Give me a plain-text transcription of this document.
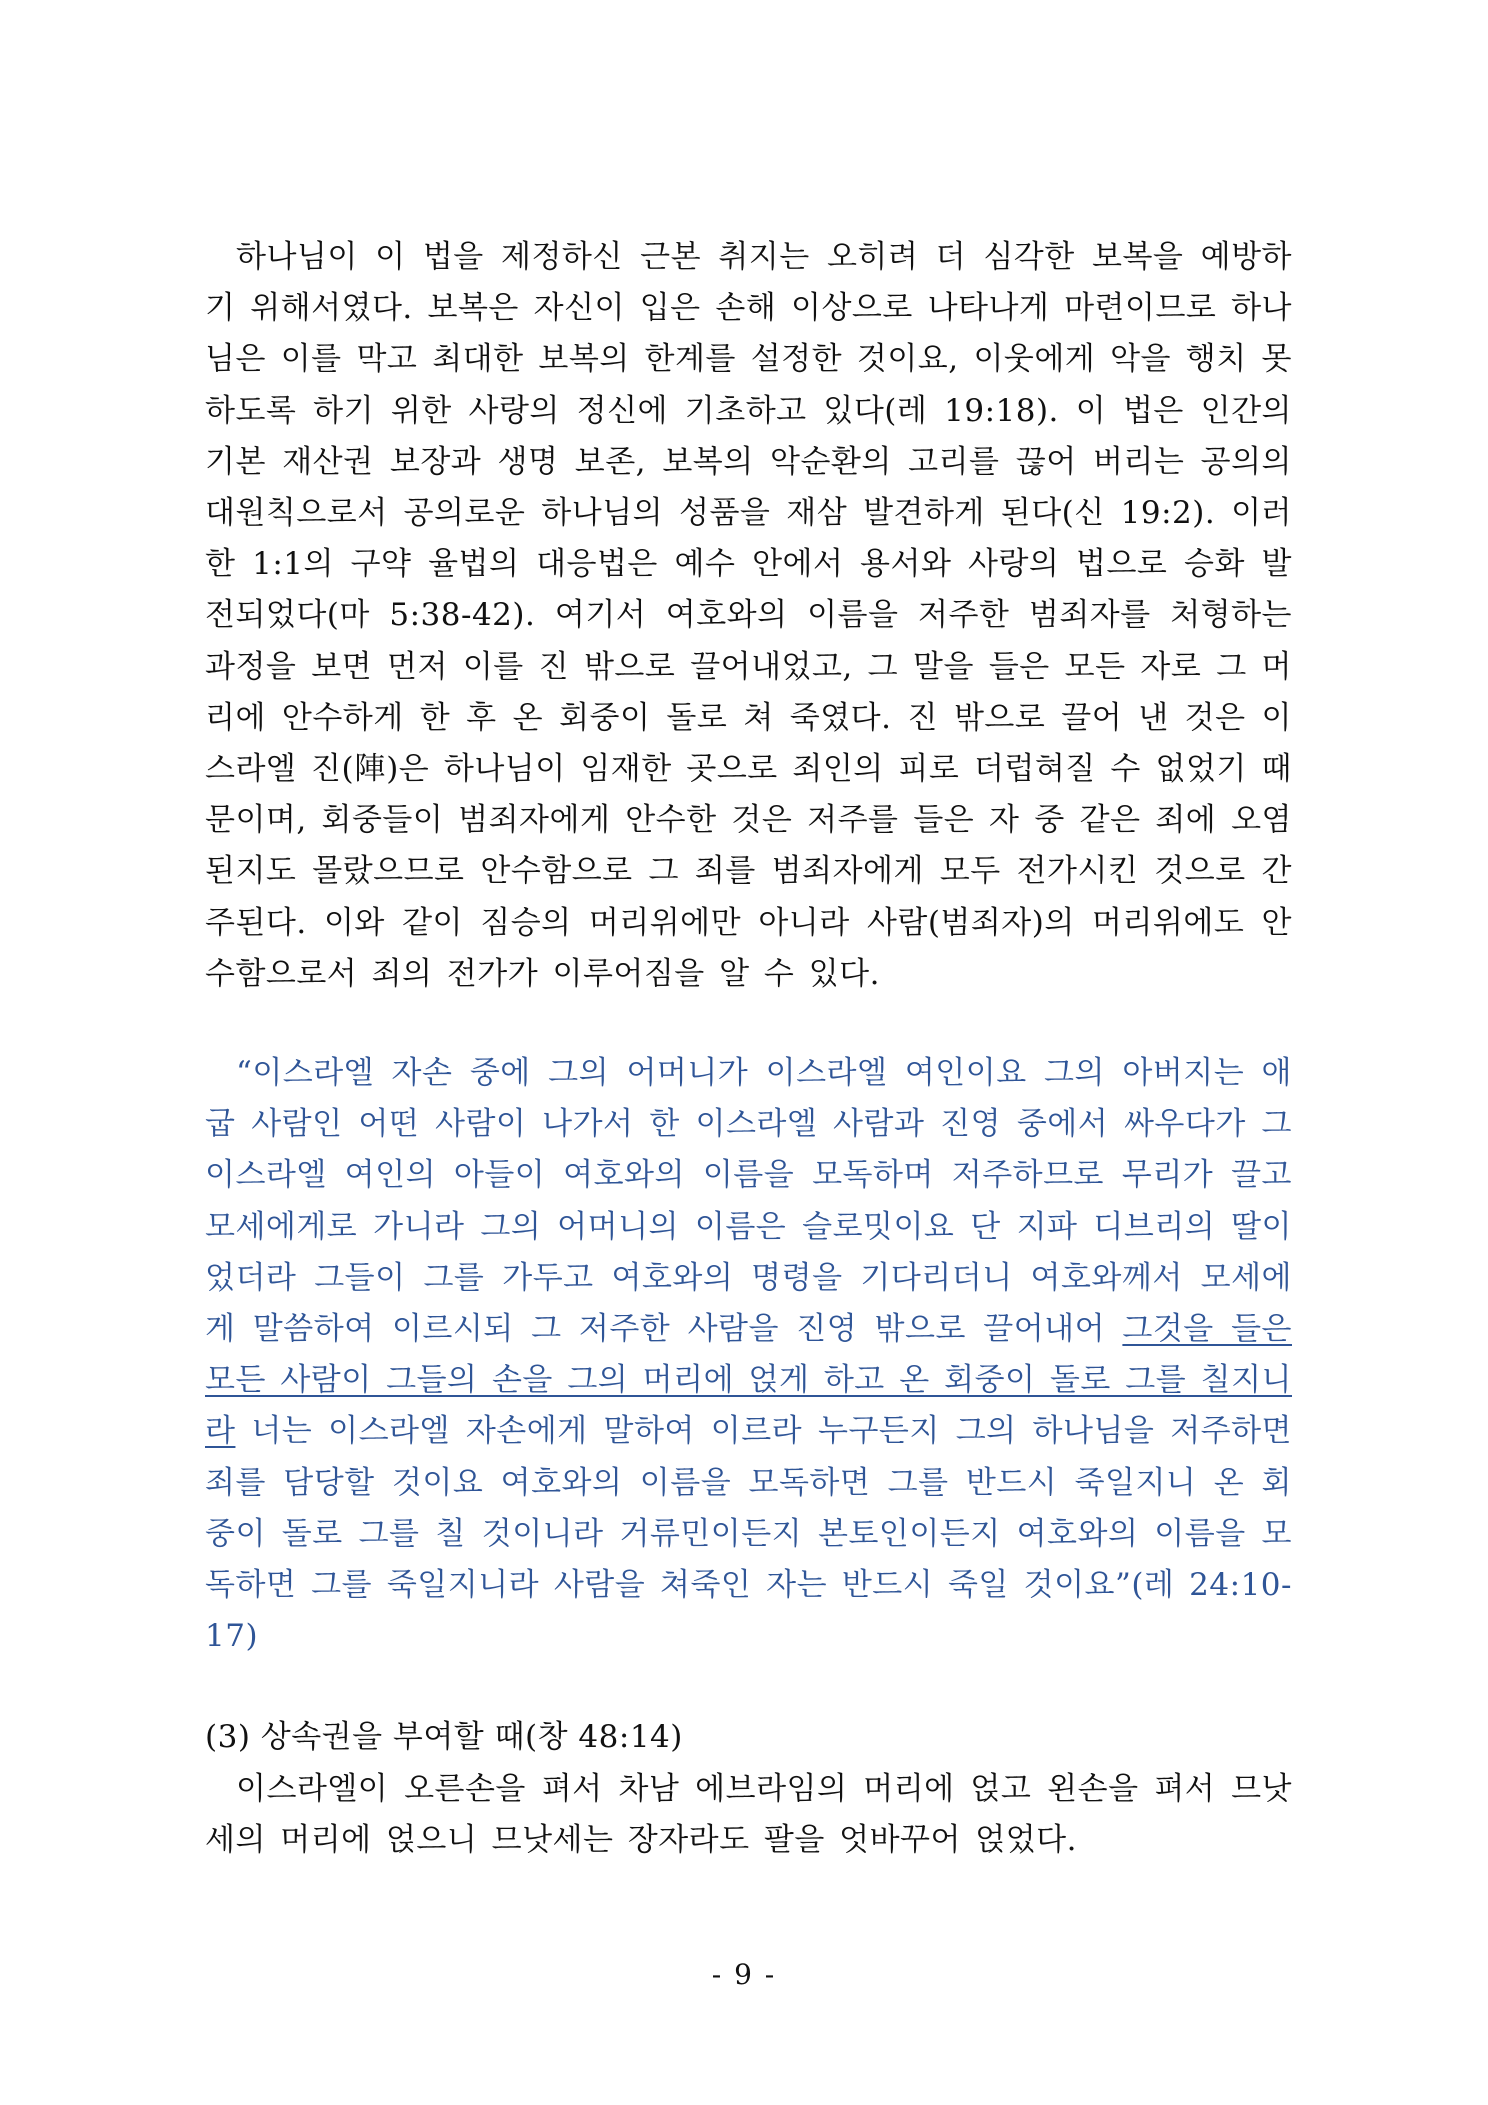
하나님이 이 법을 제정하신 근본 취지는 오히려 더 심각한 보복을 예방하기 위해서였다. 보복은 자신이 입은 손해 이상으로 나타나게 마련이므로 하나님은 이를 막고 최대한 보복의 한계를 설정한 것이요, 이웃에게 악을 행치 못하도록 하기 위한 사랑의 정신에 기초하고 있다(레 19:18). 이 법은 인간의 기본 재산권 보장과 생명 보존, 보복의 악순환의 고리를 끊어 버리는 공의의 대원칙으로서 공의로운 하나님의 성품을 재삼 발견하게 된다(신 19:2). 이러한 1:1의 구약 율법의 대응법은 예수 안에서 용서와 사랑의 법으로 승화 발전되었다(마 5:38-42). 여기서 여호와의 이름을 저주한 범죄자를 처형하는 과정을 보면 먼저 이를 진 밖으로 끌어내었고, 그 말을 들은 모든 자로 그 머리에 안수하게 한 후 온 회중이 돌로 쳐 죽였다. 진 밖으로 끌어 낸 것은 이스라엘 진(陣)은 하나님이 임재한 곳으로 죄인의 피로 더럽혀질 수 없었기 때문이며, 회중들이 범죄자에게 안수한 것은 저주를 들은 자 중 같은 죄에 오염된지도 몰랐으므로 안수함으로 그 죄를 범죄자에게 모두 전가시킨 것으로 간주된다. 이와 같이 짐승의 머리위에만 아니라 사람(범죄자)의 머리위에도 안수함으로서 죄의 전가가 이루어짐을 알 수 있다.

“이스라엘 자손 중에 그의 어머니가 이스라엘 여인이요 그의 아버지는 애굽 사람인 어떤 사람이 나가서 한 이스라엘 사람과 진영 중에서 싸우다가 그 이스라엘 여인의 아들이 여호와의 이름을 모독하며 저주하므로 무리가 끌고 모세에게로 가니라 그의 어머니의 이름은 슬로밋이요 단 지파 디브리의 딸이었더라 그들이 그를 가두고 여호와의 명령을 기다리더니 여호와께서 모세에게 말씀하여 이르시되 그 저주한 사람을 진영 밖으로 끌어내어 그것을 들은 모든 사람이 그들의 손을 그의 머리에 얹게 하고 온 회중이 돌로 그를 칠지니라 너는 이스라엘 자손에게 말하여 이르라 누구든지 그의 하나님을 저주하면 죄를 담당할 것이요 여호와의 이름을 모독하면 그를 반드시 죽일지니 온 회중이 돌로 그를 칠 것이니라 거류민이든지 본토인이든지 여호와의 이름을 모독하면 그를 죽일지니라 사람을 쳐죽인 자는 반드시 죽일 것이요”(레 24:10-17)

(3) 상속권을 부여할 때(창 48:14)

이스라엘이 오른손을 펴서 차남 에브라임의 머리에 얹고 왼손을 펴서 므낫세의 머리에 얹으니 므낫세는 장자라도 팔을 엇바꾸어 얹었다.

- 9 -
